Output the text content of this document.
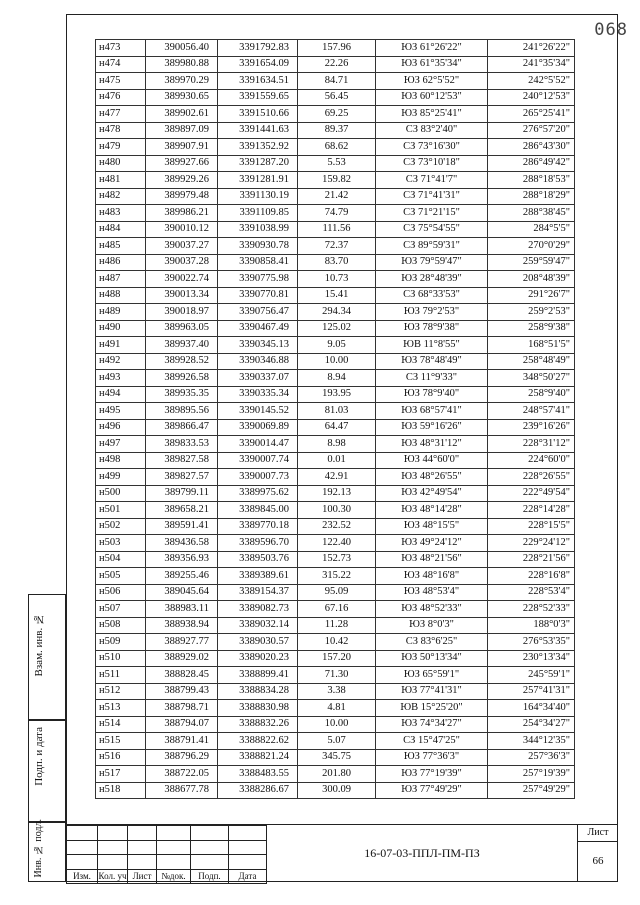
068
н473	390056.40	3391792.83	157.96	ЮЗ 61°26'22"	241°26'22"
н474	389980.88	3391654.09	22.26	ЮЗ 61°35'34"	241°35'34"
н475	389970.29	3391634.51	84.71	ЮЗ 62°5'52"	242°5'52"
н476	389930.65	3391559.65	56.45	ЮЗ 60°12'53"	240°12'53"
н477	389902.61	3391510.66	69.25	ЮЗ 85°25'41"	265°25'41"
н478	389897.09	3391441.63	89.37	СЗ 83°2'40"	276°57'20"
н479	389907.91	3391352.92	68.62	СЗ 73°16'30"	286°43'30"
н480	389927.66	3391287.20	5.53	СЗ 73°10'18"	286°49'42"
н481	389929.26	3391281.91	159.82	СЗ 71°41'7"	288°18'53"
н482	389979.48	3391130.19	21.42	СЗ 71°41'31"	288°18'29"
н483	389986.21	3391109.85	74.79	СЗ 71°21'15"	288°38'45"
н484	390010.12	3391038.99	111.56	СЗ 75°54'55"	284°5'5"
н485	390037.27	3390930.78	72.37	СЗ 89°59'31"	270°0'29"
н486	390037.28	3390858.41	83.70	ЮЗ 79°59'47"	259°59'47"
н487	390022.74	3390775.98	10.73	ЮЗ 28°48'39"	208°48'39"
н488	390013.34	3390770.81	15.41	СЗ 68°33'53"	291°26'7"
н489	390018.97	3390756.47	294.34	ЮЗ 79°2'53"	259°2'53"
н490	389963.05	3390467.49	125.02	ЮЗ 78°9'38"	258°9'38"
н491	389937.40	3390345.13	9.05	ЮВ 11°8'55"	168°51'5"
н492	389928.52	3390346.88	10.00	ЮЗ 78°48'49"	258°48'49"
н493	389926.58	3390337.07	8.94	СЗ 11°9'33"	348°50'27"
н494	389935.35	3390335.34	193.95	ЮЗ 78°9'40"	258°9'40"
н495	389895.56	3390145.52	81.03	ЮЗ 68°57'41"	248°57'41"
н496	389866.47	3390069.89	64.47	ЮЗ 59°16'26"	239°16'26"
н497	389833.53	3390014.47	8.98	ЮЗ 48°31'12"	228°31'12"
н498	389827.58	3390007.74	0.01	ЮЗ 44°60'0"	224°60'0"
н499	389827.57	3390007.73	42.91	ЮЗ 48°26'55"	228°26'55"
н500	389799.11	3389975.62	192.13	ЮЗ 42°49'54"	222°49'54"
н501	389658.21	3389845.00	100.30	ЮЗ 48°14'28"	228°14'28"
н502	389591.41	3389770.18	232.52	ЮЗ 48°15'5"	228°15'5"
н503	389436.58	3389596.70	122.40	ЮЗ 49°24'12"	229°24'12"
н504	389356.93	3389503.76	152.73	ЮЗ 48°21'56"	228°21'56"
н505	389255.46	3389389.61	315.22	ЮЗ 48°16'8"	228°16'8"
н506	389045.64	3389154.37	95.09	ЮЗ 48°53'4"	228°53'4"
н507	388983.11	3389082.73	67.16	ЮЗ 48°52'33"	228°52'33"
н508	388938.94	3389032.14	11.28	ЮЗ 8°0'3"	188°0'3"
н509	388927.77	3389030.57	10.42	СЗ 83°6'25"	276°53'35"
н510	388929.02	3389020.23	157.20	ЮЗ 50°13'34"	230°13'34"
н511	388828.45	3388899.41	71.30	ЮЗ 65°59'1"	245°59'1"
н512	388799.43	3388834.28	3.38	ЮЗ 77°41'31"	257°41'31"
н513	388798.71	3388830.98	4.81	ЮВ 15°25'20"	164°34'40"
н514	388794.07	3388832.26	10.00	ЮЗ 74°34'27"	254°34'27"
н515	388791.41	3388822.62	5.07	СЗ 15°47'25"	344°12'35"
н516	388796.29	3388821.24	345.75	ЮЗ 77°36'3"	257°36'3"
н517	388722.05	3388483.55	201.80	ЮЗ 77°19'39"	257°19'39"
н518	388677.78	3388286.67	300.09	ЮЗ 77°49'29"	257°49'29"
Взам. инв. №
Подп. и дата
Инв. № подл.

						Изм.	Кол. уч	Лист	№док.	Подп.	Дата
16-07-03-ППЛ-ПМ-ПЗ
Лист
66
